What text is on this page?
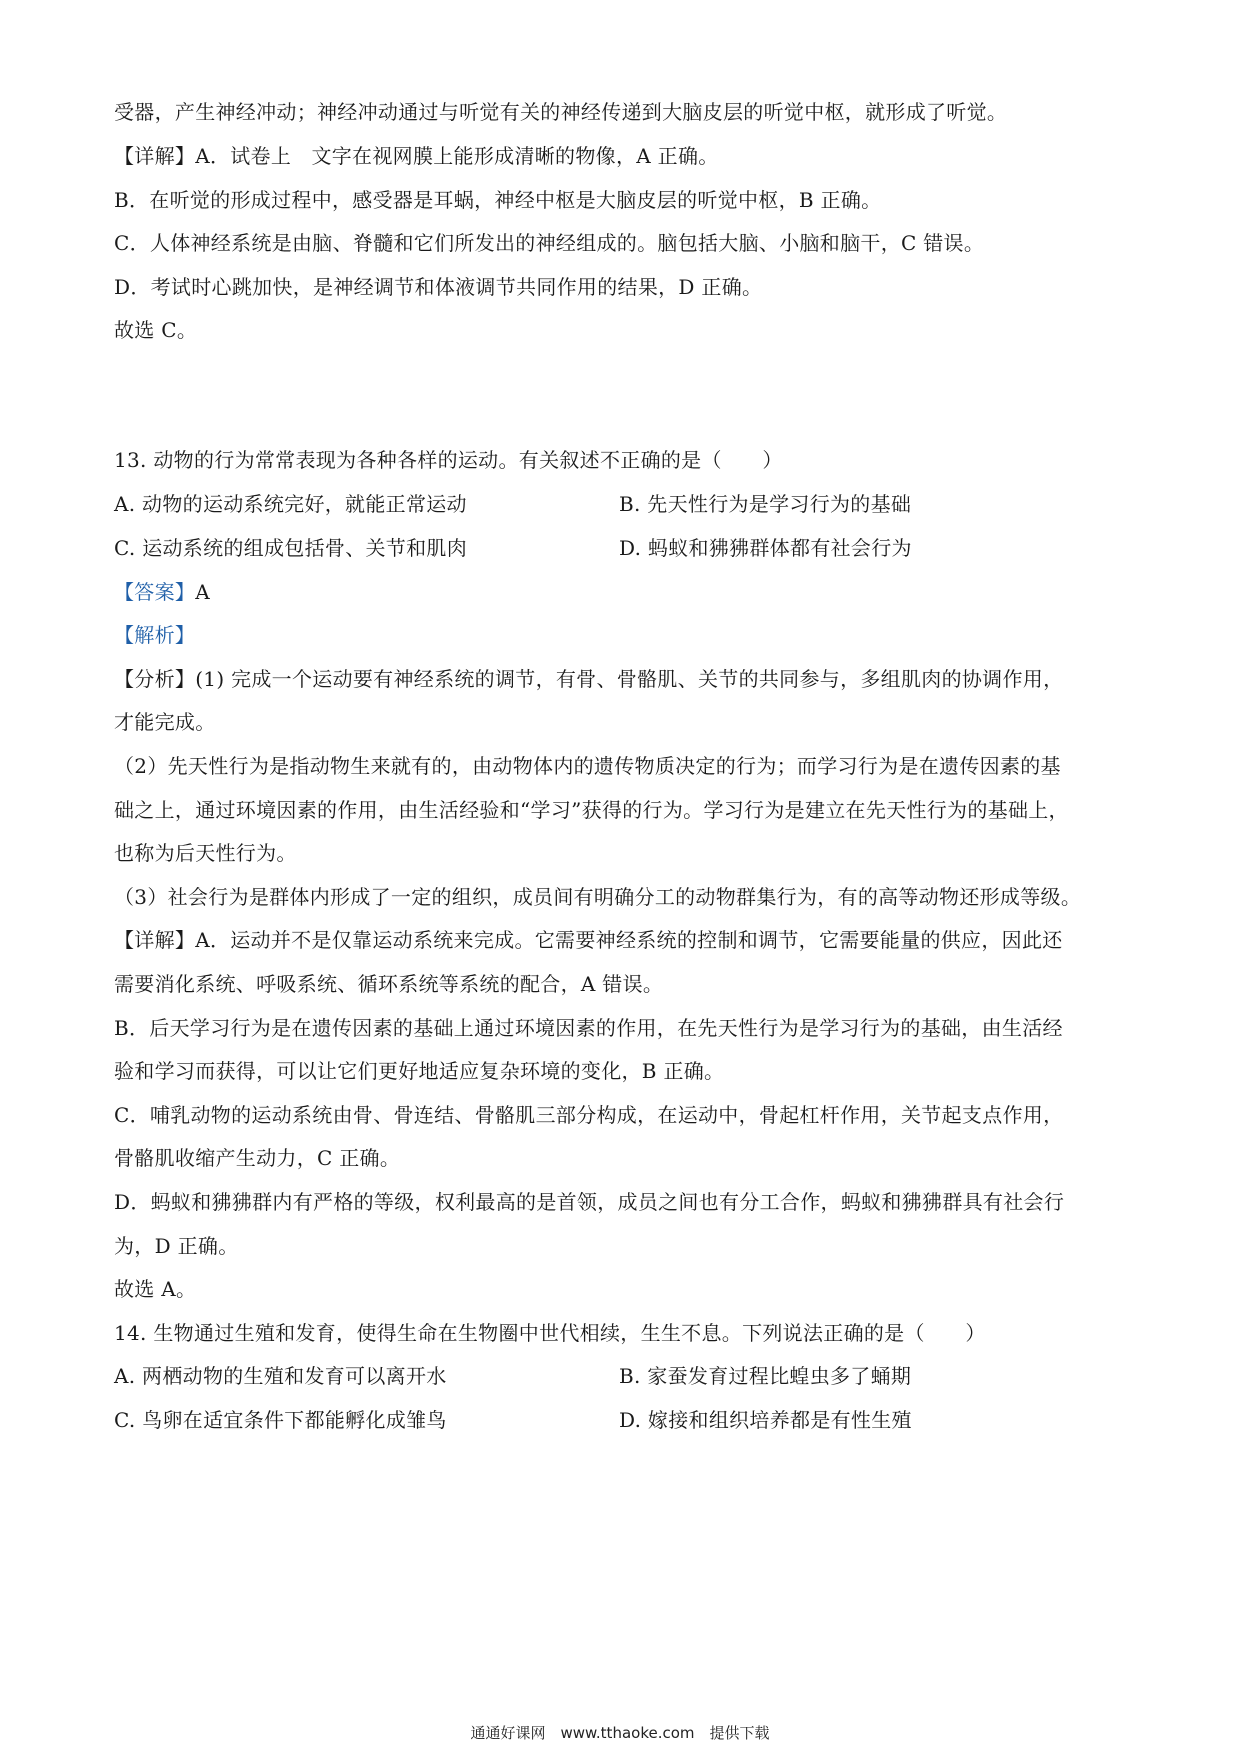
受器，产生神经冲动；神经冲动通过与听觉有关的神经传递到大脑皮层的听觉中枢，就形成了听觉。
【详解】A．试卷上　文字在视网膜上能形成清晰的物像，A 正确。
B．在听觉的形成过程中，感受器是耳蜗，神经中枢是大脑皮层的听觉中枢，B 正确。
C．人体神经系统是由脑、脊髓和它们所发出的神经组成的。脑包括大脑、小脑和脑干，C 错误。
D．考试时心跳加快，是神经调节和体液调节共同作用的结果，D 正确。
故选 C。
13. 动物的行为常常表现为各种各样的运动。有关叙述不正确的是（　　）
A. 动物的运动系统完好，就能正常运动	B. 先天性行为是学习行为的基础
C. 运动系统的组成包括骨、关节和肌肉	D. 蚂蚁和狒狒群体都有社会行为
【答案】A
【解析】
【分析】(1) 完成一个运动要有神经系统的调节，有骨、骨骼肌、关节的共同参与，多组肌肉的协调作用，
才能完成。
（2）先天性行为是指动物生来就有的，由动物体内的遗传物质决定的行为；而学习行为是在遗传因素的基
础之上，通过环境因素的作用，由生活经验和“学习”获得的行为。学习行为是建立在先天性行为的基础上，
也称为后天性行为。
（3）社会行为是群体内形成了一定的组织，成员间有明确分工的动物群集行为，有的高等动物还形成等级。
【详解】A．运动并不是仅靠运动系统来完成。它需要神经系统的控制和调节，它需要能量的供应，因此还
需要消化系统、呼吸系统、循环系统等系统的配合，A 错误。
B．后天学习行为是在遗传因素的基础上通过环境因素的作用，在先天性行为是学习行为的基础，由生活经
验和学习而获得，可以让它们更好地适应复杂环境的变化，B 正确。
C．哺乳动物的运动系统由骨、骨连结、骨骼肌三部分构成，在运动中，骨起杠杆作用，关节起支点作用，
骨骼肌收缩产生动力，C 正确。
D．蚂蚁和狒狒群内有严格的等级，权利最高的是首领，成员之间也有分工合作，蚂蚁和狒狒群具有社会行
为，D 正确。
故选 A。
14. 生物通过生殖和发育，使得生命在生物圈中世代相续，生生不息。下列说法正确的是（　　）
A. 两栖动物的生殖和发育可以离开水	B. 家蚕发育过程比蝗虫多了蛹期
C. 鸟卵在适宜条件下都能孵化成雏鸟	D. 嫁接和组织培养都是有性生殖
通通好课网　www.tthaoke.com　提供下载
